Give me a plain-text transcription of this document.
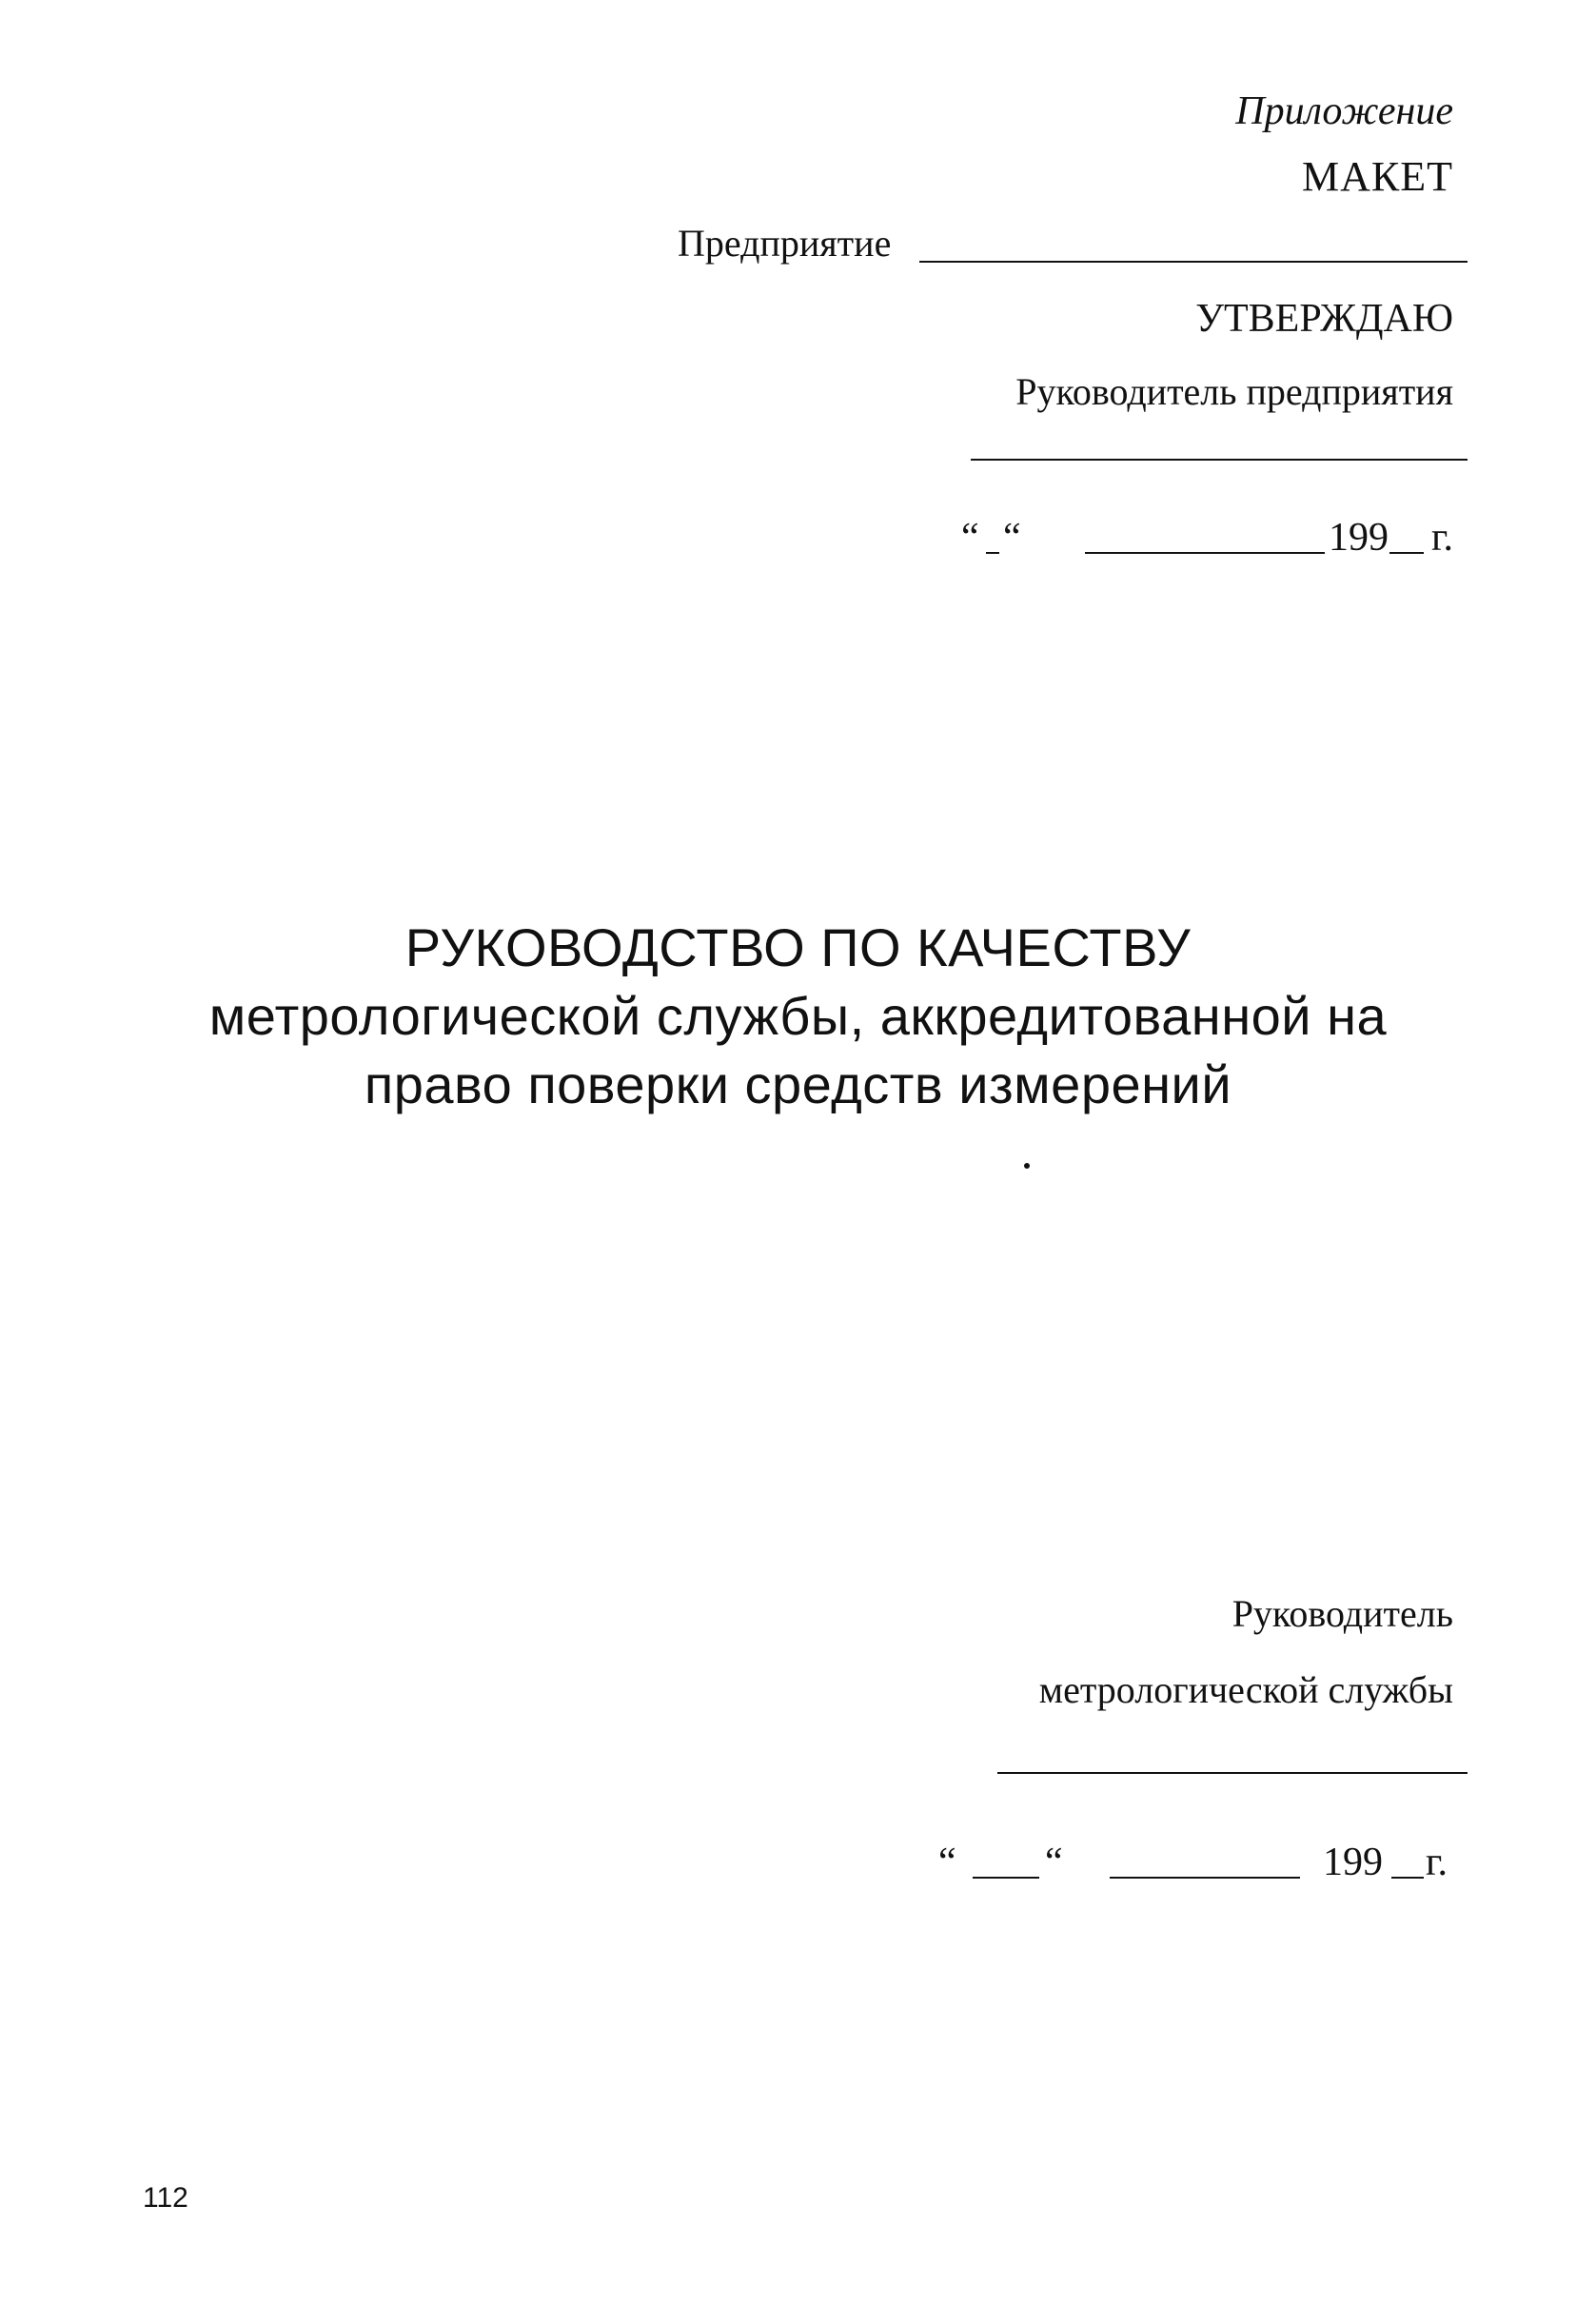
Приложение
МАКЕТ
Предприятие
УТВЕРЖДАЮ
Руководитель предприятия
“ “	199 г.
РУКОВОДСТВО ПО КАЧЕСТВУ
метрологической службы, аккредитованной на
право поверки средств измерений
Руководитель
метрологической службы
“ “	199 г.
112
